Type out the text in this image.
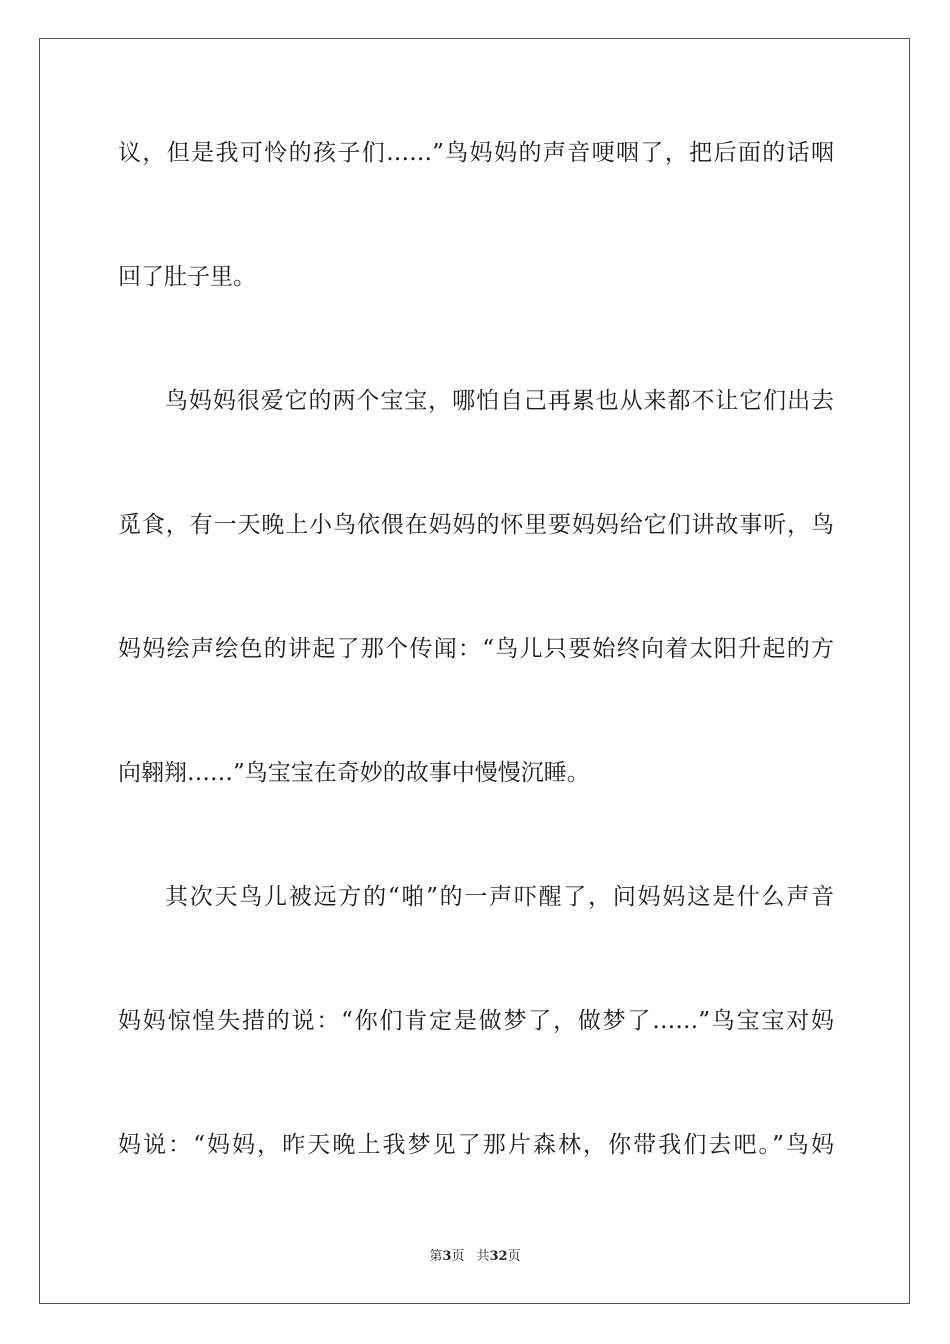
议，但是我可怜的孩子们……”鸟妈妈的声音哽咽了，把后面的话咽
回了肚子里。
鸟妈妈很爱它的两个宝宝，哪怕自己再累也从来都不让它们出去
觅食，有一天晚上小鸟依偎在妈妈的怀里要妈妈给它们讲故事听，鸟
妈妈绘声绘色的讲起了那个传闻：“鸟儿只要始终向着太阳升起的方
向翱翔……”鸟宝宝在奇妙的故事中慢慢沉睡。
其次天鸟儿被远方的“啪”的一声吓醒了，问妈妈这是什么声音
妈妈惊惶失措的说：“你们肯定是做梦了，做梦了……”鸟宝宝对妈
妈说：“妈妈，昨天晚上我梦见了那片森林，你带我们去吧。”鸟妈
第3页 共32页
